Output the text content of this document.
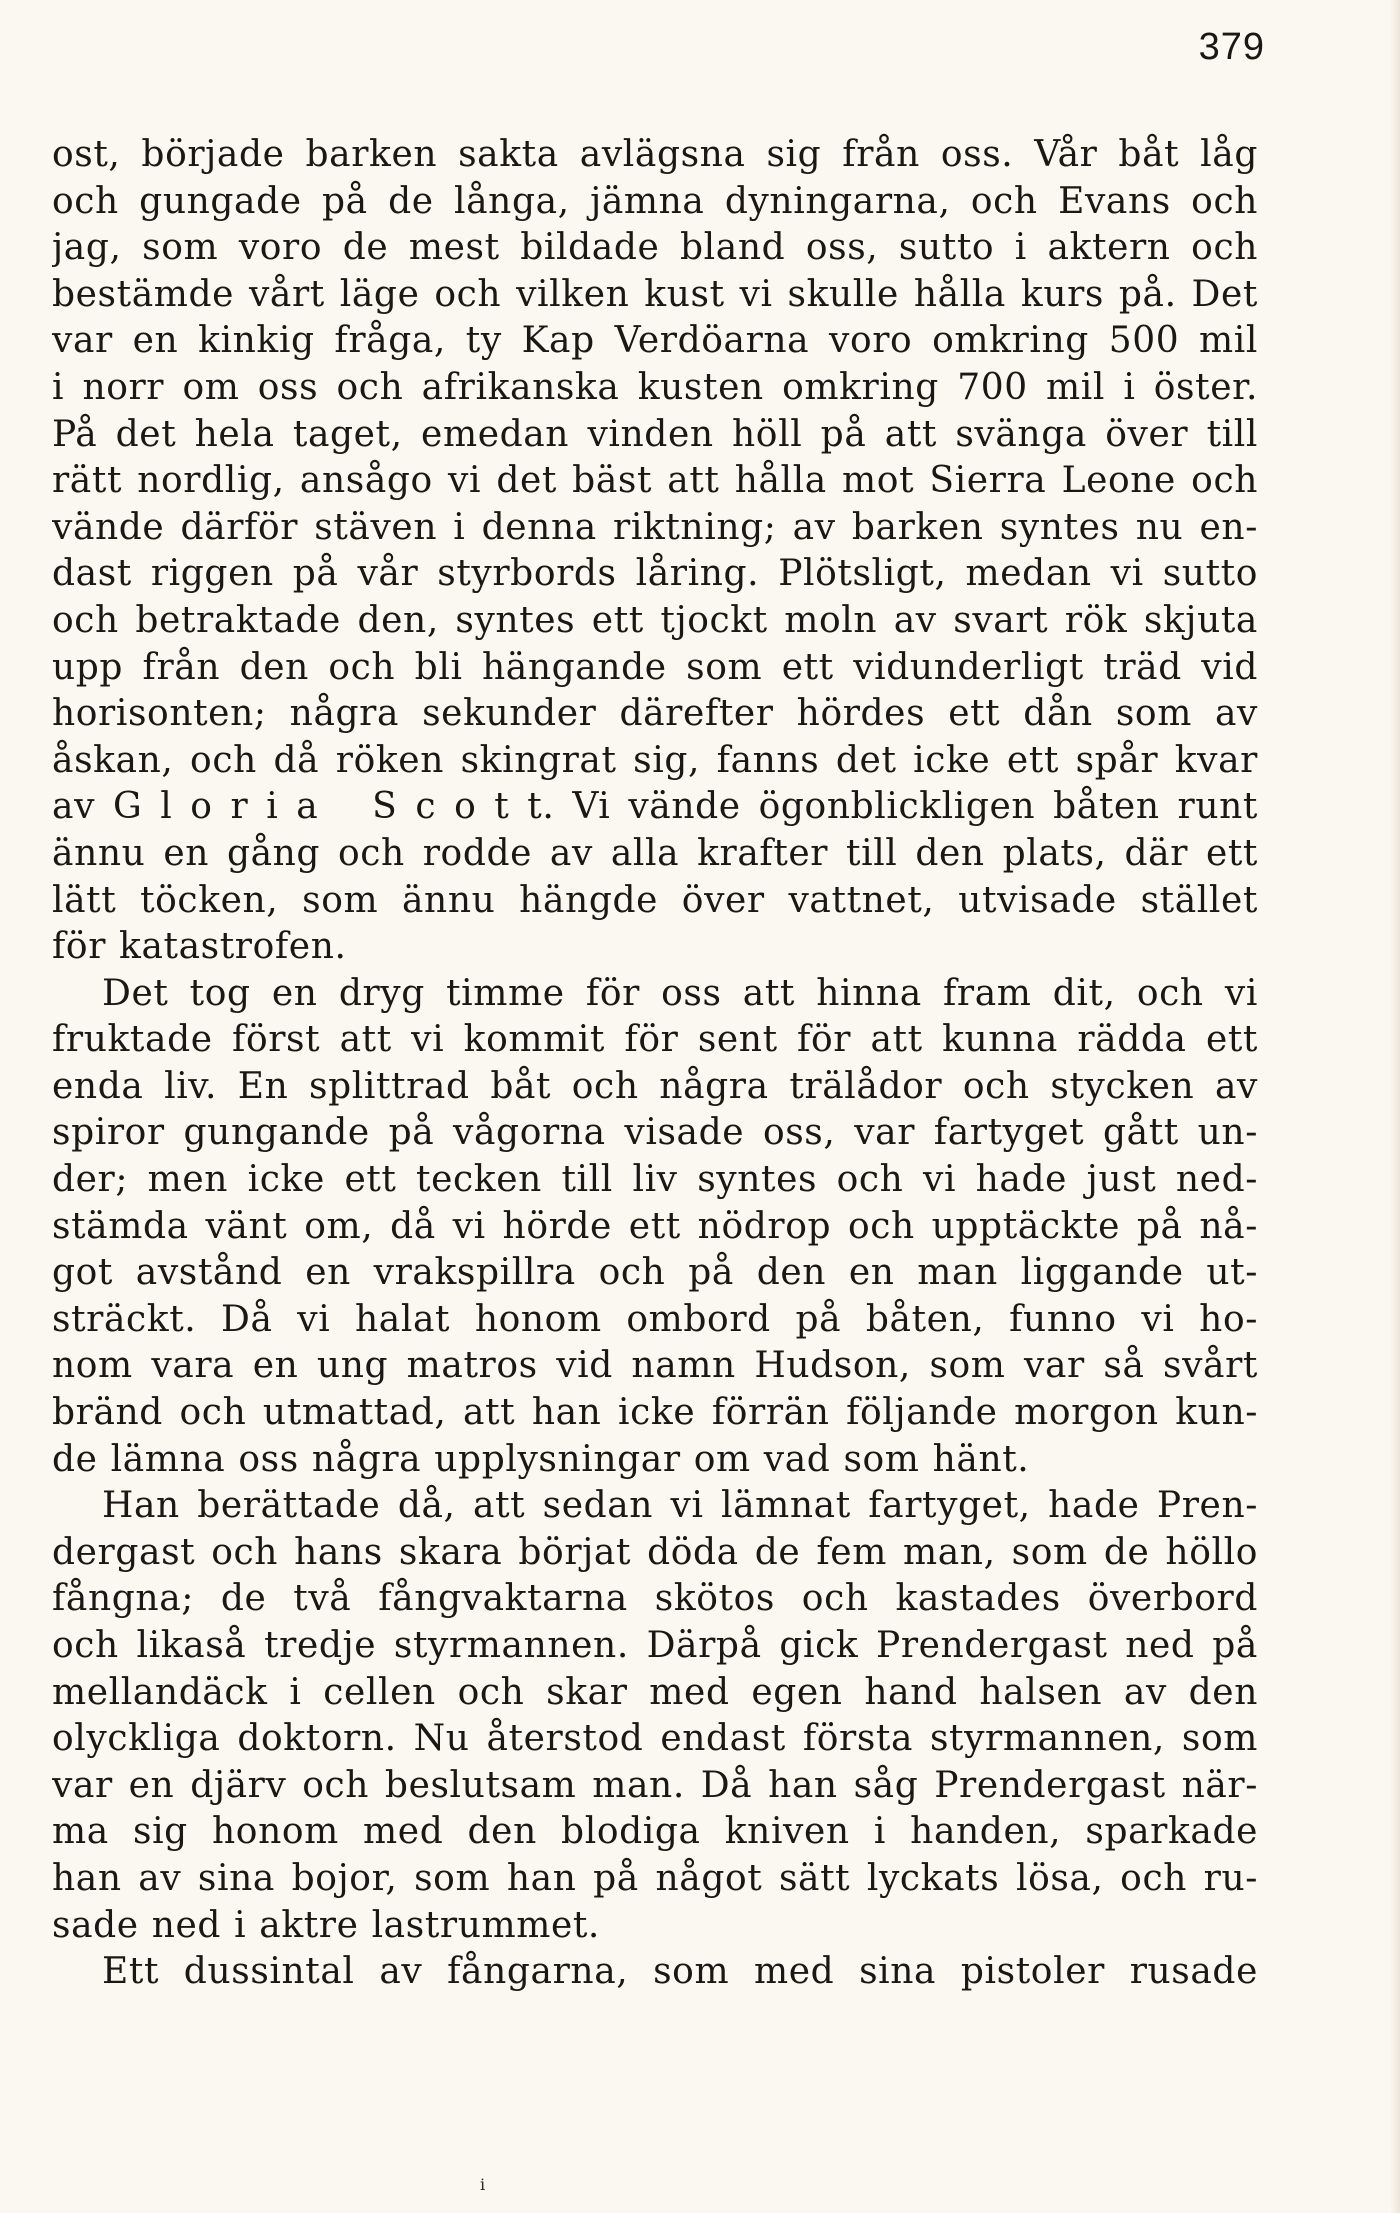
379
ost, började barken sakta avlägsna sig från oss. Vår båt låg
och gungade på de långa, jämna dyningarna, och Evans och
jag, som voro de mest bildade bland oss, sutto i aktern och
bestämde vårt läge och vilken kust vi skulle hålla kurs på. Det
var en kinkig fråga, ty Kap Verdöarna voro omkring 500 mil
i norr om oss och afrikanska kusten omkring 700 mil i öster.
På det hela taget, emedan vinden höll på att svänga över till
rätt nordlig, ansågo vi det bäst att hålla mot Sierra Leone och
vände därför stäven i denna riktning; av barken syntes nu en-
dast riggen på vår styrbords låring. Plötsligt, medan vi sutto
och betraktade den, syntes ett tjockt moln av svart rök skjuta
upp från den och bli hängande som ett vidunderligt träd vid
horisonten; några sekunder därefter hördes ett dån som av
åskan, och då röken skingrat sig, fanns det icke ett spår kvar
av G l o r i a   S c o t t. Vi vände ögonblickligen båten runt
ännu en gång och rodde av alla krafter till den plats, där ett
lätt töcken, som ännu hängde över vattnet, utvisade stället
för katastrofen.
Det tog en dryg timme för oss att hinna fram dit, och vi
fruktade först att vi kommit för sent för att kunna rädda ett
enda liv. En splittrad båt och några trälådor och stycken av
spiror gungande på vågorna visade oss, var fartyget gått un-
der; men icke ett tecken till liv syntes och vi hade just ned-
stämda vänt om, då vi hörde ett nödrop och upptäckte på nå-
got avstånd en vrakspillra och på den en man liggande ut-
sträckt. Då vi halat honom ombord på båten, funno vi ho-
nom vara en ung matros vid namn Hudson, som var så svårt
bränd och utmattad, att han icke förrän följande morgon kun-
de lämna oss några upplysningar om vad som hänt.
Han berättade då, att sedan vi lämnat fartyget, hade Pren-
dergast och hans skara börjat döda de fem man, som de höllo
fångna; de två fångvaktarna skötos och kastades överbord
och likaså tredje styrmannen. Därpå gick Prendergast ned på
mellandäck i cellen och skar med egen hand halsen av den
olyckliga doktorn. Nu återstod endast första styrmannen, som
var en djärv och beslutsam man. Då han såg Prendergast när-
ma sig honom med den blodiga kniven i handen, sparkade
han av sina bojor, som han på något sätt lyckats lösa, och ru-
sade ned i aktre lastrummet.
Ett dussintal av fångarna, som med sina pistoler rusade
i
